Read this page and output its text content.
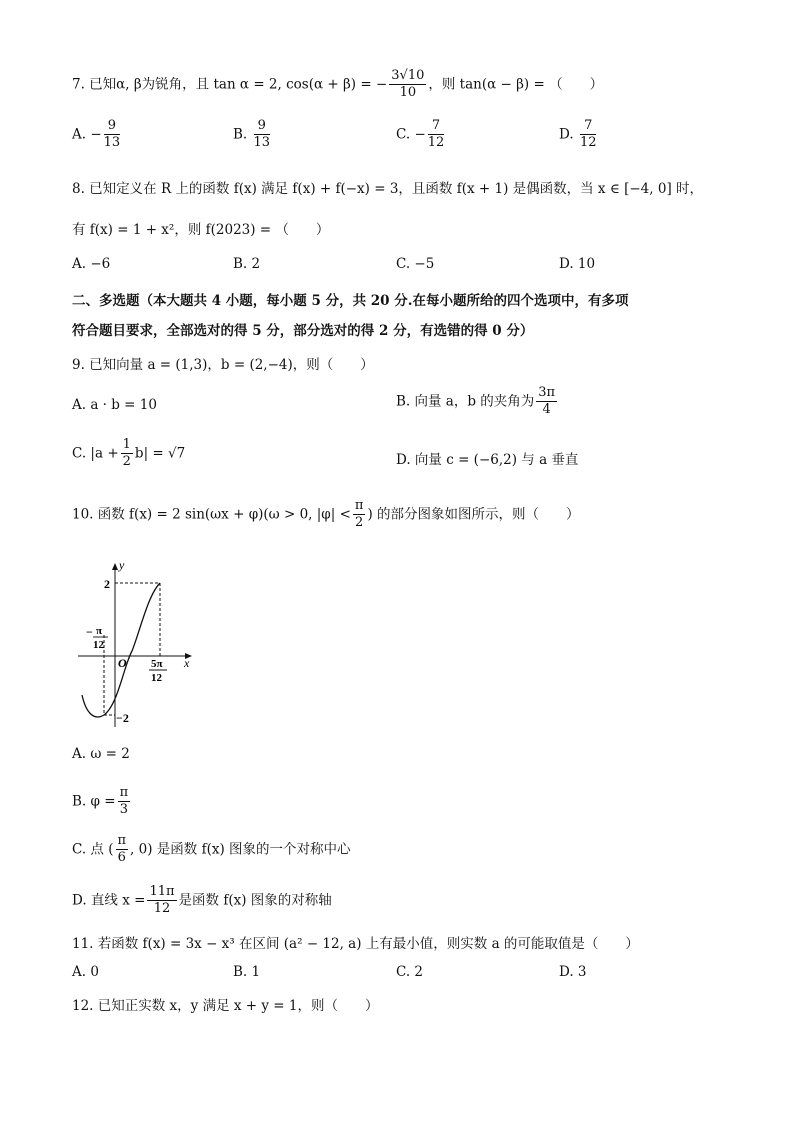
7. 已知α, β为锐角，且 tan α = 2, cos(α + β) = − $\frac{3√10}{10}$ ，则 tan(α − β) = （　　）
A. − $\frac{9}{13}$	B. $\frac{9}{13}$	C. − $\frac{7}{12}$	D. $\frac{7}{12}$
8. 已知定义在 R 上的函数 f(x) 满足 f(x) + f(−x) = 3，且函数 f(x + 1) 是偶函数，当 x ∈ [−4, 0] 时，
有 f(x) = 1 + x²，则 f(2023) = （　　）
A. −6	B. 2	C. −5	D. 10
二、多选题（本大题共 4 小题，每小题 5 分，共 20 分.在每小题所给的四个选项中，有多项
符合题目要求，全部选对的得 5 分，部分选对的得 2 分，有选错的得 0 分）
9. 已知向量 a = (1,3)，b = (2,−4)，则（　　）
A. a · b = 10	B. 向量 a，b 的夹角为 $\frac{3\pi}{4}$
C. $|a + \frac{1}{2} b| = √7$	D. 向量 c = (−6,2) 与 a 垂直
10. 函数 f(x) = 2 sin(ωx + φ)(ω > 0, $|\varphi| < \frac{\pi}{2}$ ) 的部分图象如图所示，则（　　）
y
x
O
2
−2
− π
12
5π
12
A. ω = 2
B. $\varphi = \frac{\pi}{3}$
C. 点 ( $\frac{\pi}{6}$ , 0) 是函数 f(x) 图象的一个对称中心
D. 直线 $x = \frac{11\pi}{12}$ 是函数 f(x) 图象的对称轴
11. 若函数 f(x) = 3x − x³ 在区间 (a² − 12, a) 上有最小值，则实数 a 的可能取值是（　　）
A. 0	B. 1	C. 2	D. 3
12. 已知正实数 x，y 满足 x + y = 1，则（　　）
